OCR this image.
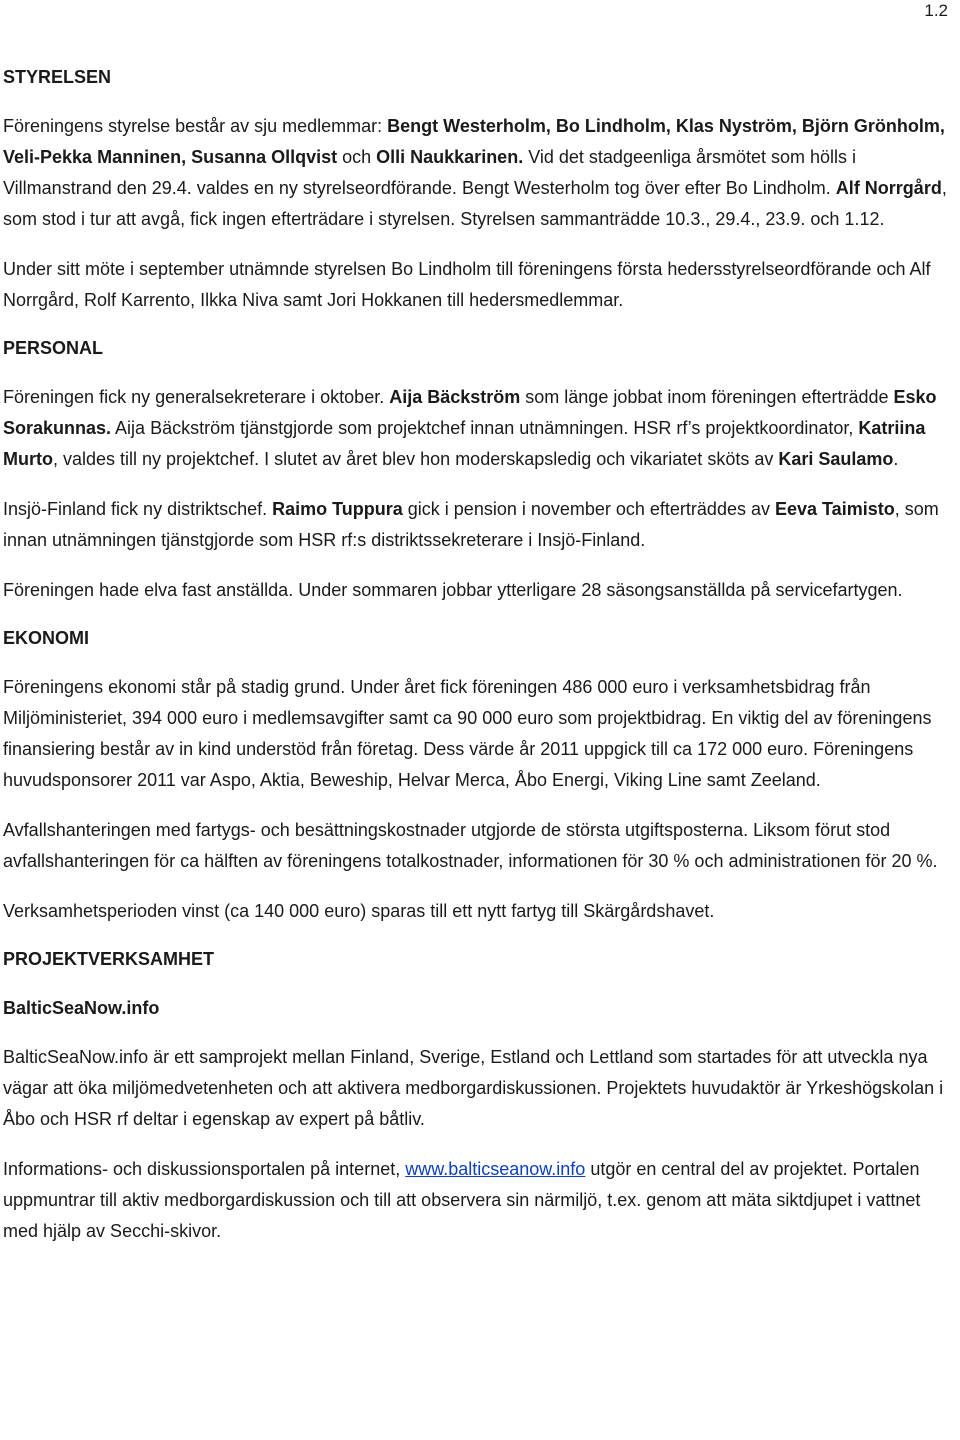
1.2
STYRELSEN

Föreningens styrelse består av sju medlemmar: Bengt Westerholm, Bo Lindholm, Klas Nyström, Björn Grönholm, Veli-Pekka Manninen, Susanna Ollqvist och Olli Naukkarinen. Vid det stadgeenliga årsmötet som hölls i Villmanstrand den 29.4. valdes en ny styrelseordförande. Bengt Westerholm tog över efter Bo Lindholm. Alf Norrgård, som stod i tur att avgå, fick ingen efterträdare i styrelsen. Styrelsen sammanträdde 10.3., 29.4., 23.9. och 1.12.

Under sitt möte i september utnämnde styrelsen Bo Lindholm till föreningens första hedersstyrelseordförande och Alf Norrgård, Rolf Karrento, Ilkka Niva samt Jori Hokkanen till hedersmedlemmar.

PERSONAL

Föreningen fick ny generalsekreterare i oktober. Aija Bäckström som länge jobbat inom föreningen efterträdde Esko Sorakunnas. Aija Bäckström tjänstgjorde som projektchef innan utnämningen. HSR rf’s projektkoordinator, Katriina Murto, valdes till ny projektchef. I slutet av året blev hon moderskapsledig och vikariatet sköts av Kari Saulamo.

Insjö-Finland fick ny distriktschef. Raimo Tuppura gick i pension i november och efterträddes av Eeva Taimisto, som innan utnämningen tjänstgjorde som HSR rf:s distriktssekreterare i Insjö-Finland.

Föreningen hade elva fast anställda. Under sommaren jobbar ytterligare 28 säsongsanställda på servicefartygen.

EKONOMI

Föreningens ekonomi står på stadig grund. Under året fick föreningen 486 000 euro i verksamhetsbidrag från Miljöministeriet, 394 000 euro i medlemsavgifter samt ca 90 000 euro som projektbidrag. En viktig del av föreningens finansiering består av in kind understöd från företag. Dess värde år 2011 uppgick till ca 172 000 euro. Föreningens huvudsponsorer 2011 var Aspo, Aktia, Beweship, Helvar Merca, Åbo Energi, Viking Line samt Zeeland.

Avfallshanteringen med fartygs- och besättningskostnader utgjorde de största utgiftsposterna. Liksom förut stod avfallshanteringen för ca hälften av föreningens totalkostnader, informationen för 30 % och administrationen för 20 %.

Verksamhetsperioden vinst (ca 140 000 euro) sparas till ett nytt fartyg till Skärgårdshavet.

PROJEKTVERKSAMHET
BalticSeaNow.info

BalticSeaNow.info är ett samprojekt mellan Finland, Sverige, Estland och Lettland som startades för att utveckla nya vägar att öka miljömedvetenheten och att aktivera medborgardiskussionen. Projektets huvudaktör är Yrkeshögskolan i Åbo och HSR rf deltar i egenskap av expert på båtliv.

Informations- och diskussionsportalen på internet, www.balticseanow.info utgör en central del av projektet. Portalen uppmuntrar till aktiv medborgardiskussion och till att observera sin närmiljö, t.ex. genom att mäta siktdjupet i vattnet med hjälp av Secchi-skivor.
